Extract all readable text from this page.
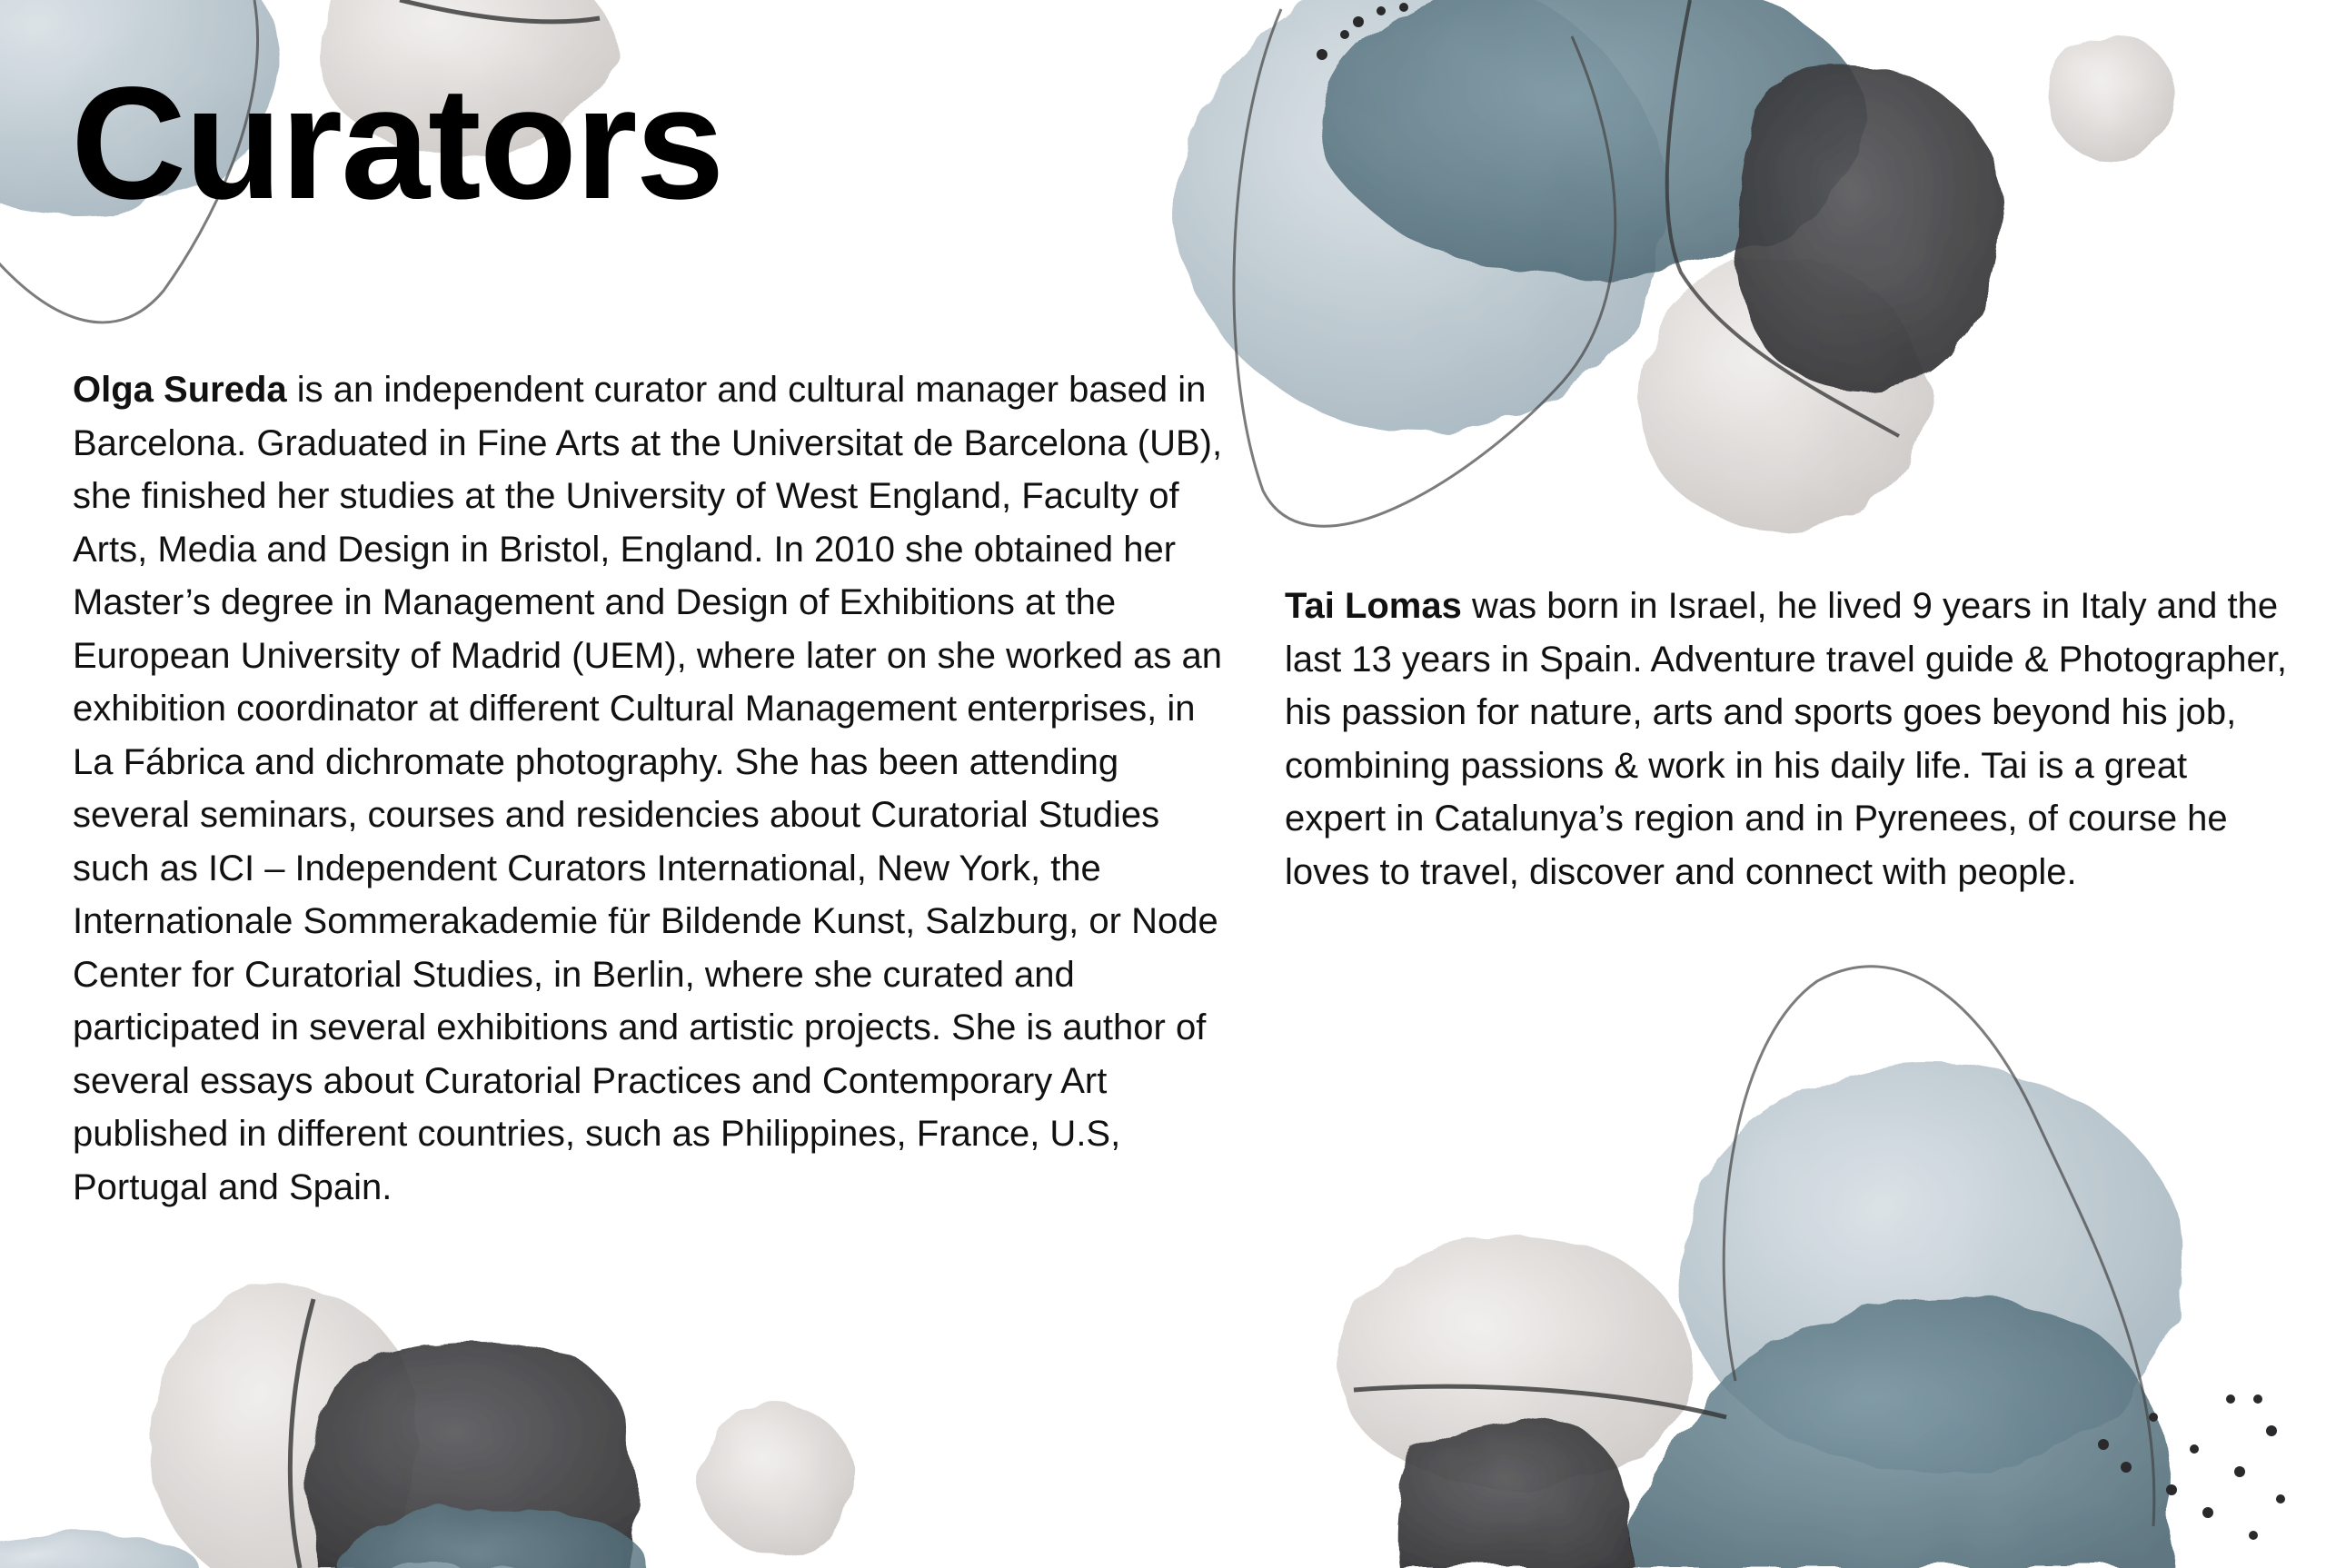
Curators

Olga Sureda is an independent curator and cultural manager based in Barcelona. Graduated in Fine Arts at the Universitat de Barcelona (UB), she finished her studies at the University of West England, Faculty of Arts, Media and Design in Bristol, England. In 2010 she obtained her Master’s degree in Management and Design of Exhibitions at the European University of Madrid (UEM), where later on she worked as an exhibition coordinator at different Cultural Management enterprises, in La Fábrica and dichromate photography. She has been attending several seminars, courses and residencies about Curatorial Studies such as ICI – Independent Curators International, New York, the Internationale Sommerakademie für Bildende Kunst, Salzburg, or Node Center for Curatorial Studies, in Berlin, where she curated and participated in several exhibitions and artistic projects. She is author of several essays about Curatorial Practices and Contemporary Art published in different countries, such as Philippines, France, U.S, Portugal and Spain.

Tai Lomas was born in Israel, he lived 9 years in Italy and the last 13 years in Spain. Adventure travel guide & Photographer, his passion for nature, arts and sports goes beyond his job, combining passions & work in his daily life. Tai is a great expert in Catalunya’s region and in Pyrenees, of course he loves to travel, discover and connect with people.
